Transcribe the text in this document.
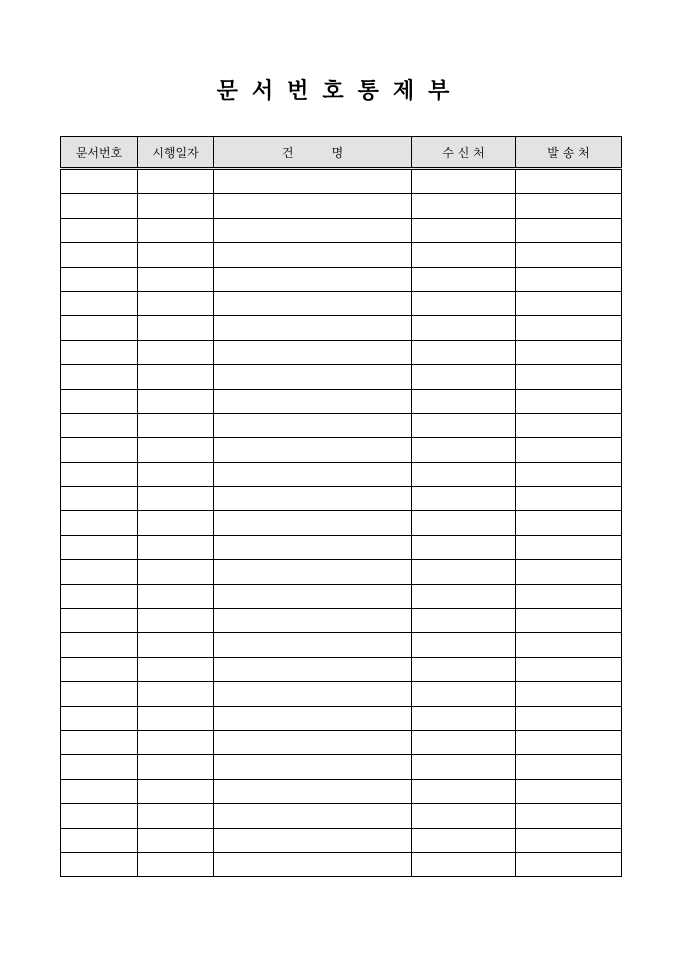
문서번호통제부
문서번호	시행일자	건          명	수 신 처	발 송 처
